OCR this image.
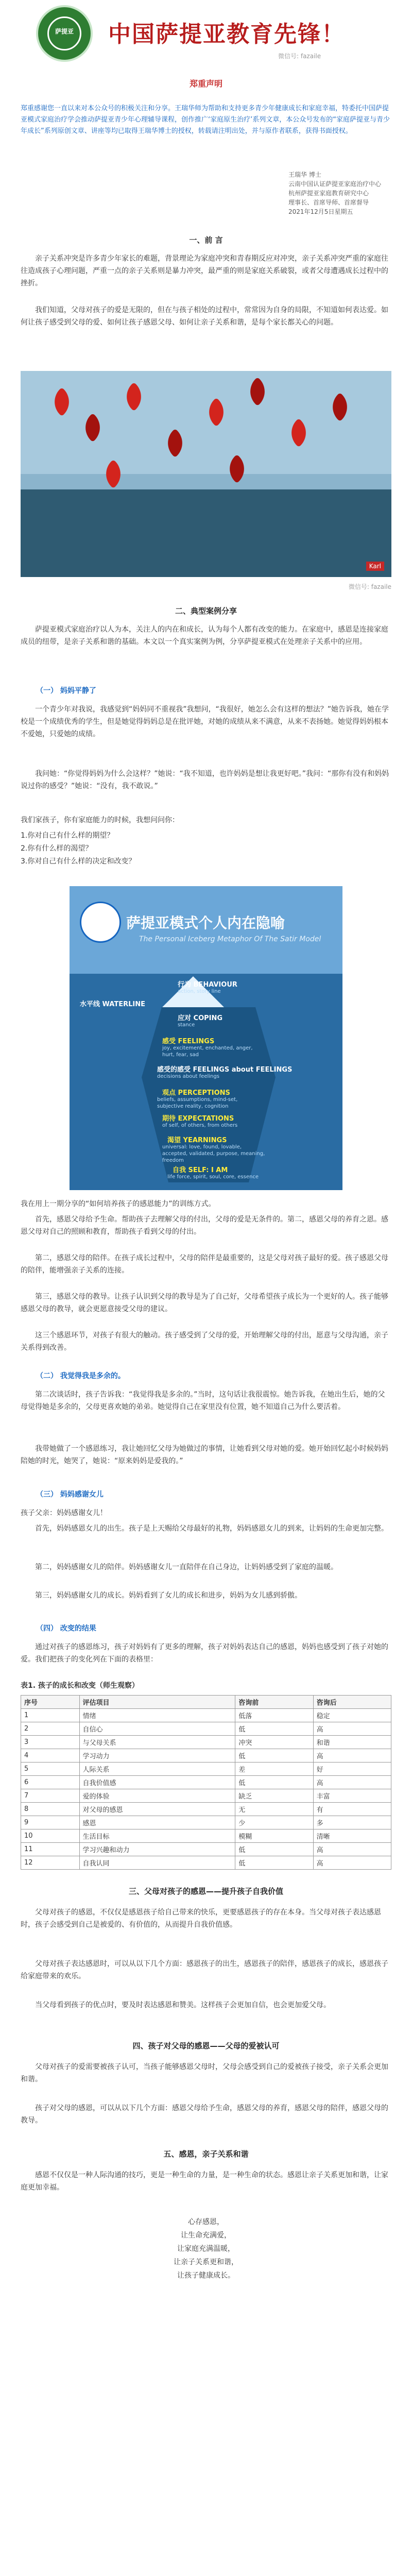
萨提亚	中国萨提亚教育先锋！
微信号: fazaile
郑重声明
郑重感谢您一直以来对本公众号的积极关注和分享。王瑞华师为帮助和支持更多青少年健康成长和家庭幸福，特委托中国萨提亚模式家庭治疗学会推动萨提亚青少年心理辅导课程，创作推广‘家庭原生治疗’系列文章，本公众号发布的“家庭萨提亚与青少年成长”系列原创文章、讲座等均已取得王瑞华博士的授权，转载请注明出处，并与原作者联系，获得书面授权。
王瑞华 博士
云南中国认证萨提亚家庭治疗中心
杭州萨提亚家庭教育研究中心
理事长、首席导师、首席督导
2021年12月5日星期五
一、前 言
亲子关系冲突是许多青少年家长的难题，背景理论为家庭冲突和青春期反应对冲突，亲子关系冲突严重的家庭往往造成孩子心理问题，严重一点的亲子关系则是暴力冲突，最严重的则是家庭关系破裂，或者父母遭遇成长过程中的挫折。
我们知道，父母对孩子的爱是无限的，但在与孩子相处的过程中，常常因为自身的局限，不知道如何表达爱。如何让孩子感受到父母的爱、如何让孩子感恩父母、如何让亲子关系和谐，是每个家长都关心的问题。
Karl
微信号: fazaile
二、典型案例分享
萨提亚模式家庭治疗以人为本，关注人的内在和成长，认为每个人都有改变的能力。在家庭中，感恩是连接家庭成员的纽带，是亲子关系和谐的基础。本文以一个真实案例为例，分享萨提亚模式在处理亲子关系中的应用。
（一） 妈妈平静了
一个青少年对我说，我感觉到“妈妈同不重视我”我想问，“我很好，她怎么会有这样的想法？”她告诉我，她在学校是一个成绩优秀的学生，但是她觉得妈妈总是在批评她，对她的成绩从来不满意，从来不表扬她。她觉得妈妈根本不爱她，只爱她的成绩。
我问她：“你觉得妈妈为什么会这样？”她说：“我不知道，也许妈妈是想让我更好吧。”我问：“那你有没有和妈妈说过你的感受？”她说：“没有，我不敢说。”
我们家孩子，你有家庭能力的时候，我想问问你：
1.你对自己有什么样的期望？
2.你有什么样的渴望？
3.你对自己有什么样的决定和改变？
萨提亚模式个人内在隐喻
The Personal Iceberg Metaphor Of The Satir Model
行为 BEHAVIOUR
action, story line
水平线 WATERLINE
应对 COPING
stance
感受 FEELINGS
joy, excitement, enchanted, anger, hurt, fear, sad
感受的感受 FEELINGS about FEELINGS
decisions about feelings
观点 PERCEPTIONS
beliefs, assumptions, mind-set, subjective reality, cognition
期待 EXPECTATIONS
of self, of others, from others
渴望 YEARNINGS
universal: love, found, lovable, accepted, validated, purpose, meaning, freedom
自我 SELF: I AM
life force, spirit, soul, core, essence
我在用上一期分享的“如何培养孩子的感恩能力”的训练方式。
首先，感恩父母给予生命。帮助孩子去理解父母的付出，父母的爱是无条件的。第二，感恩父母的养育之恩。感恩父母对自己的照顾和教育，帮助孩子看到父母的付出。
第二，感恩父母的陪伴。在孩子成长过程中，父母的陪伴是最重要的，这是父母对孩子最好的爱。孩子感恩父母的陪伴，能增强亲子关系的连接。
第三，感恩父母的教导。让孩子认识到父母的教导是为了自己好，父母希望孩子成长为一个更好的人。孩子能够感恩父母的教导，就会更愿意接受父母的建议。
这三个感恩环节，对孩子有很大的触动。孩子感受到了父母的爱，开始理解父母的付出，愿意与父母沟通，亲子关系得到改善。
（二） 我觉得我是多余的。
第二次谈话时，孩子告诉我：“我觉得我是多余的。”当时，这句话让我很震惊。她告诉我，在她出生后，她的父母觉得她是多余的，父母更喜欢她的弟弟。她觉得自己在家里没有位置，她不知道自己为什么要活着。
我带她做了一个感恩练习，我让她回忆父母为她做过的事情，让她看到父母对她的爱。她开始回忆起小时候妈妈陪她的时光，她哭了，她说：“原来妈妈是爱我的。”
（三） 妈妈感谢女儿
孩子父亲：妈妈感谢女儿！
首先，妈妈感恩女儿的出生。孩子是上天赐给父母最好的礼物，妈妈感恩女儿的到来，让妈妈的生命更加完整。
第二，妈妈感谢女儿的陪伴。妈妈感谢女儿一直陪伴在自己身边，让妈妈感受到了家庭的温暖。
第三，妈妈感谢女儿的成长。妈妈看到了女儿的成长和进步，妈妈为女儿感到骄傲。
（四） 改变的结果
通过对孩子的感恩练习，孩子对妈妈有了更多的理解，孩子对妈妈表达自己的感恩，妈妈也感受到了孩子对她的爱。我们把孩子的变化列在下面的表格里：
表1. 孩子的成长和改变（师生观察）
序号	评估项目	咨询前	咨询后
1	情绪	低落	稳定
2	自信心	低	高
3	与父母关系	冲突	和谐
4	学习动力	低	高
5	人际关系	差	好
6	自我价值感	低	高
7	爱的体验	缺乏	丰富
8	对父母的感恩	无	有
9	感恩	少	多
10	生活目标	模糊	清晰
11	学习兴趣和动力	低	高
12	自我认同	低	高
三、父母对孩子的感恩——提升孩子自我价值
父母对孩子的感恩，不仅仅是感恩孩子给自己带来的快乐，更要感恩孩子的存在本身。当父母对孩子表达感恩时，孩子会感受到自己是被爱的、有价值的，从而提升自我价值感。
父母对孩子表达感恩时，可以从以下几个方面：感恩孩子的出生，感恩孩子的陪伴，感恩孩子的成长，感恩孩子给家庭带来的欢乐。
当父母看到孩子的优点时，要及时表达感恩和赞美。这样孩子会更加自信，也会更加爱父母。
四、孩子对父母的感恩——父母的爱被认可
父母对孩子的爱需要被孩子认可，当孩子能够感恩父母时，父母会感受到自己的爱被孩子接受，亲子关系会更加和谐。
孩子对父母的感恩，可以从以下几个方面：感恩父母给予生命，感恩父母的养育，感恩父母的陪伴，感恩父母的教导。
五、感恩，亲子关系和谐
感恩不仅仅是一种人际沟通的技巧，更是一种生命的力量，是一种生命的状态。感恩让亲子关系更加和谐，让家庭更加幸福。
心存感恩，
让生命充满爱，
让家庭充满温暖，
让亲子关系更和谐，
让孩子健康成长。
